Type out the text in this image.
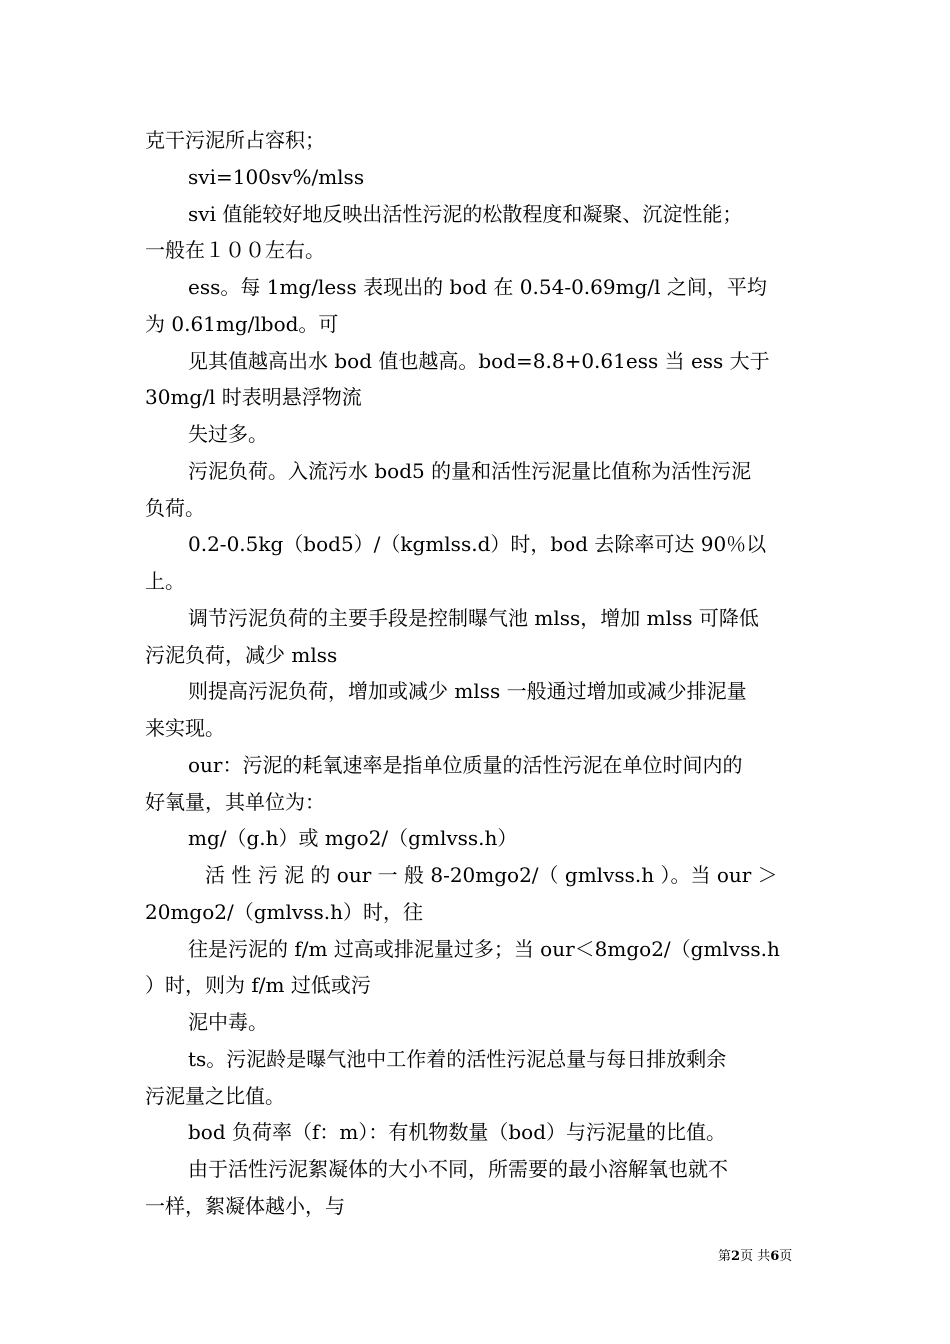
克干污泥所占容积；
svi=100sv%/mlss
svi 值能较好地反映出活性污泥的松散程度和凝聚、沉淀性能；
一般在１００左右。
ess。每 1mg/less 表现出的 bod 在 0.54-0.69mg/l 之间，平均
为 0.61mg/lbod。可
见其值越高出水 bod 值也越高。bod=8.8+0.61ess 当 ess 大于
30mg/l 时表明悬浮物流
失过多。
污泥负荷。入流污水 bod5 的量和活性污泥量比值称为活性污泥
负荷。
0.2-0.5kg（bod5）/（kgmlss.d）时，bod 去除率可达 90％以
上。
调节污泥负荷的主要手段是控制曝气池 mlss，增加 mlss 可降低
污泥负荷，减少 mlss
则提高污泥负荷，增加或减少 mlss 一般通过增加或减少排泥量
来实现。
our：污泥的耗氧速率是指单位质量的活性污泥在单位时间内的
好氧量，其单位为：
mg/（g.h）或 mgo2/（gmlvss.h）
活 性 污 泥 的 our 一 般 8-20mgo2/（ gmlvss.h ）。当 our ＞
20mgo2/（gmlvss.h）时，往
往是污泥的 f/m 过高或排泥量过多；当 our＜8mgo2/（gmlvss.h
）时，则为 f/m 过低或污
泥中毒。
ts。污泥龄是曝气池中工作着的活性污泥总量与每日排放剩余
污泥量之比值。
bod 负荷率（f：m）：有机物数量（bod）与污泥量的比值。
由于活性污泥絮凝体的大小不同，所需要的最小溶解氧也就不
一样，絮凝体越小，与
第2页 共6页
